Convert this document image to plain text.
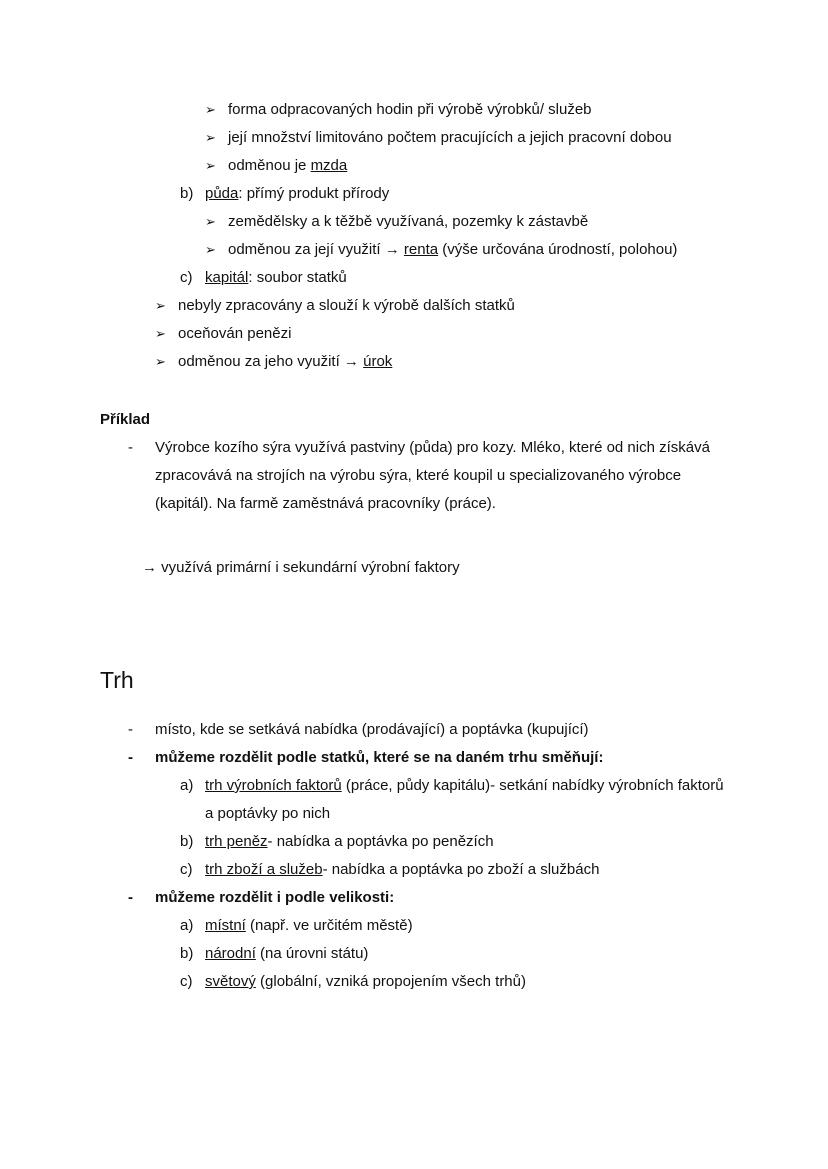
➢ forma odpracovaných hodin při výrobě výrobků/ služeb
➢ její množství limitováno počtem pracujících a jejich pracovní dobou
➢ odměnou je mzda
b) půda: přímý produkt přírody
➢ zemědělsky a k těžbě využívaná, pozemky k zástavbě
➢ odměnou za její využití → renta (výše určována úrodností, polohou)
c) kapitál: soubor statků
➢ nebyly zpracovány a slouží k výrobě dalších statků
➢ oceňován penězi
➢ odměnou za jeho využití → úrok
Příklad
-	Výrobce kozího sýra využívá pastviny (půda) pro kozy. Mléko, které od nich získává zpracovává na strojích na výrobu sýra, které koupil u specializovaného výrobce (kapitál). Na farmě zaměstnává pracovníky (práce).
→ využívá primární i sekundární výrobní faktory
Trh
-	místo, kde se setkává nabídka (prodávající) a poptávka (kupující)
-	můžeme rozdělit podle statků, které se na daném trhu směňují:
a) trh výrobních faktorů (práce, půdy kapitálu)- setkání nabídky výrobních faktorů a poptávky po nich
b) trh peněz- nabídka a poptávka po penězích
c) trh zboží a služeb- nabídka a poptávka po zboží a službách
-	můžeme rozdělit i podle velikosti:
a) místní (např. ve určitém městě)
b) národní (na úrovni státu)
c) světový (globální, vzniká propojením všech trhů)
